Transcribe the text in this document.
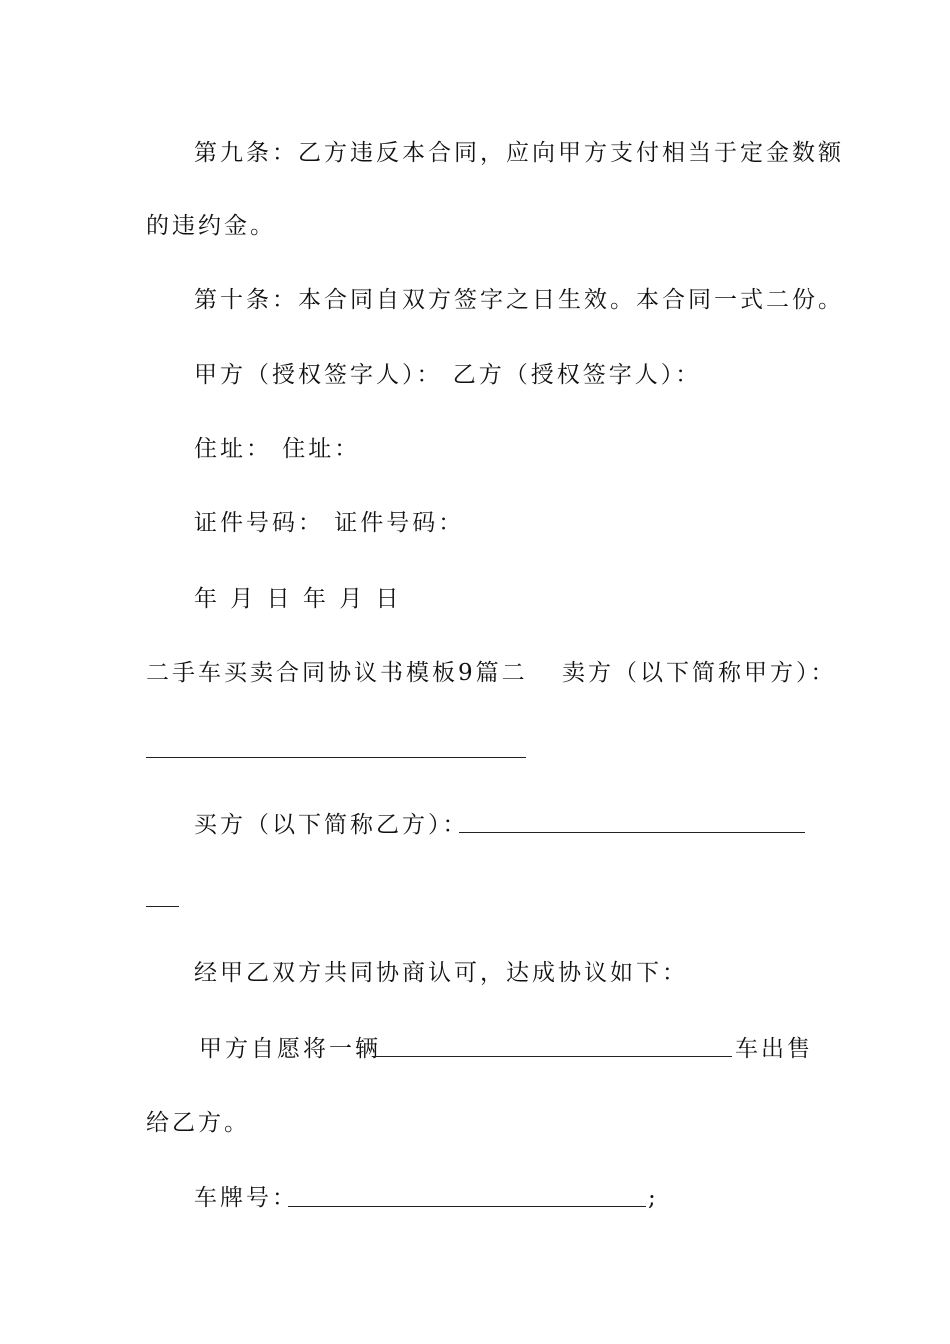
第九条：乙方违反本合同，应向甲方支付相当于定金数额
的违约金。
第十条：本合同自双方签字之日生效。本合同一式二份。
甲方（授权签字人）： 乙方（授权签字人）：
住址： 住址：
证件号码： 证件号码：
年 月 日 年 月 日
二手车买卖合同协议书模板9篇二 卖方（以下简称甲方）：
买方（以下简称乙方）：
经甲乙双方共同协商认可，达成协议如下：
甲方自愿将一辆	车出售
给乙方。
车牌号：	;
